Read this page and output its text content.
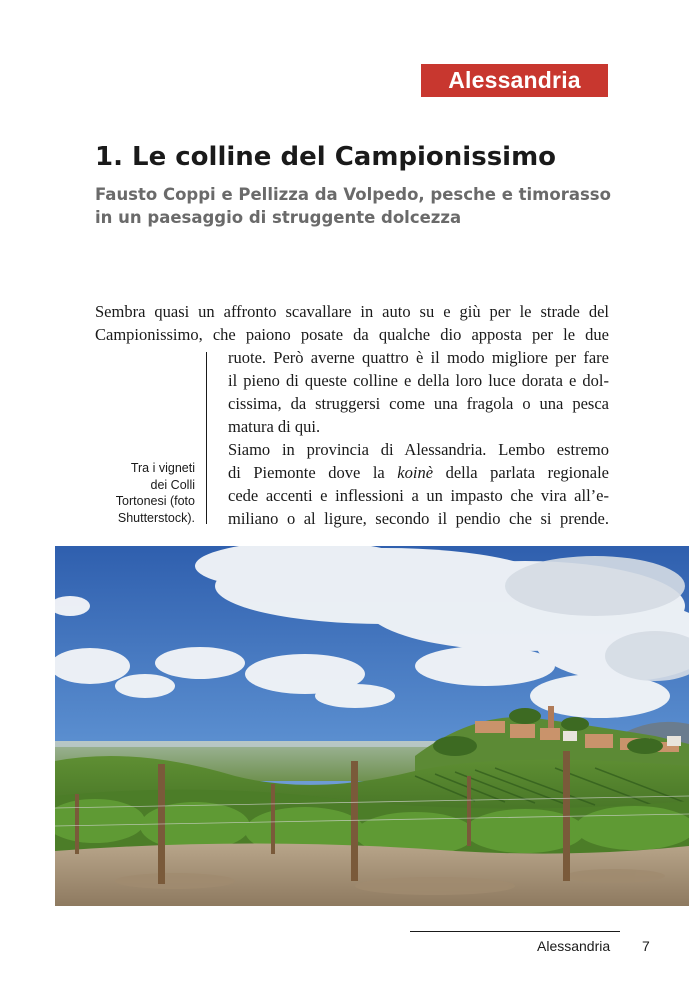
Alessandria
1. Le colline del Campionissimo
Fausto Coppi e Pellizza da Volpedo, pesche e timorasso
in un paesaggio di struggente dolcezza
Sembra quasi un affronto scavallare in auto su e giù per le strade del
Campionissimo, che paiono posate da qualche dio apposta per le due
ruote. Però averne quattro è il modo migliore per fare
il pieno di queste colline e della loro luce dorata e dol-
cissima, da struggersi come una fragola o una pesca
matura di qui.
Siamo in provincia di Alessandria. Lembo estremo
di Piemonte dove la koinè della parlata regionale
cede accenti e inflessioni a un impasto che vira all’e-
miliano o al ligure, secondo il pendio che si prende.
Tra i vigneti
dei Colli
Tortonesi (foto
Shutterstock).
Alessandria 7
